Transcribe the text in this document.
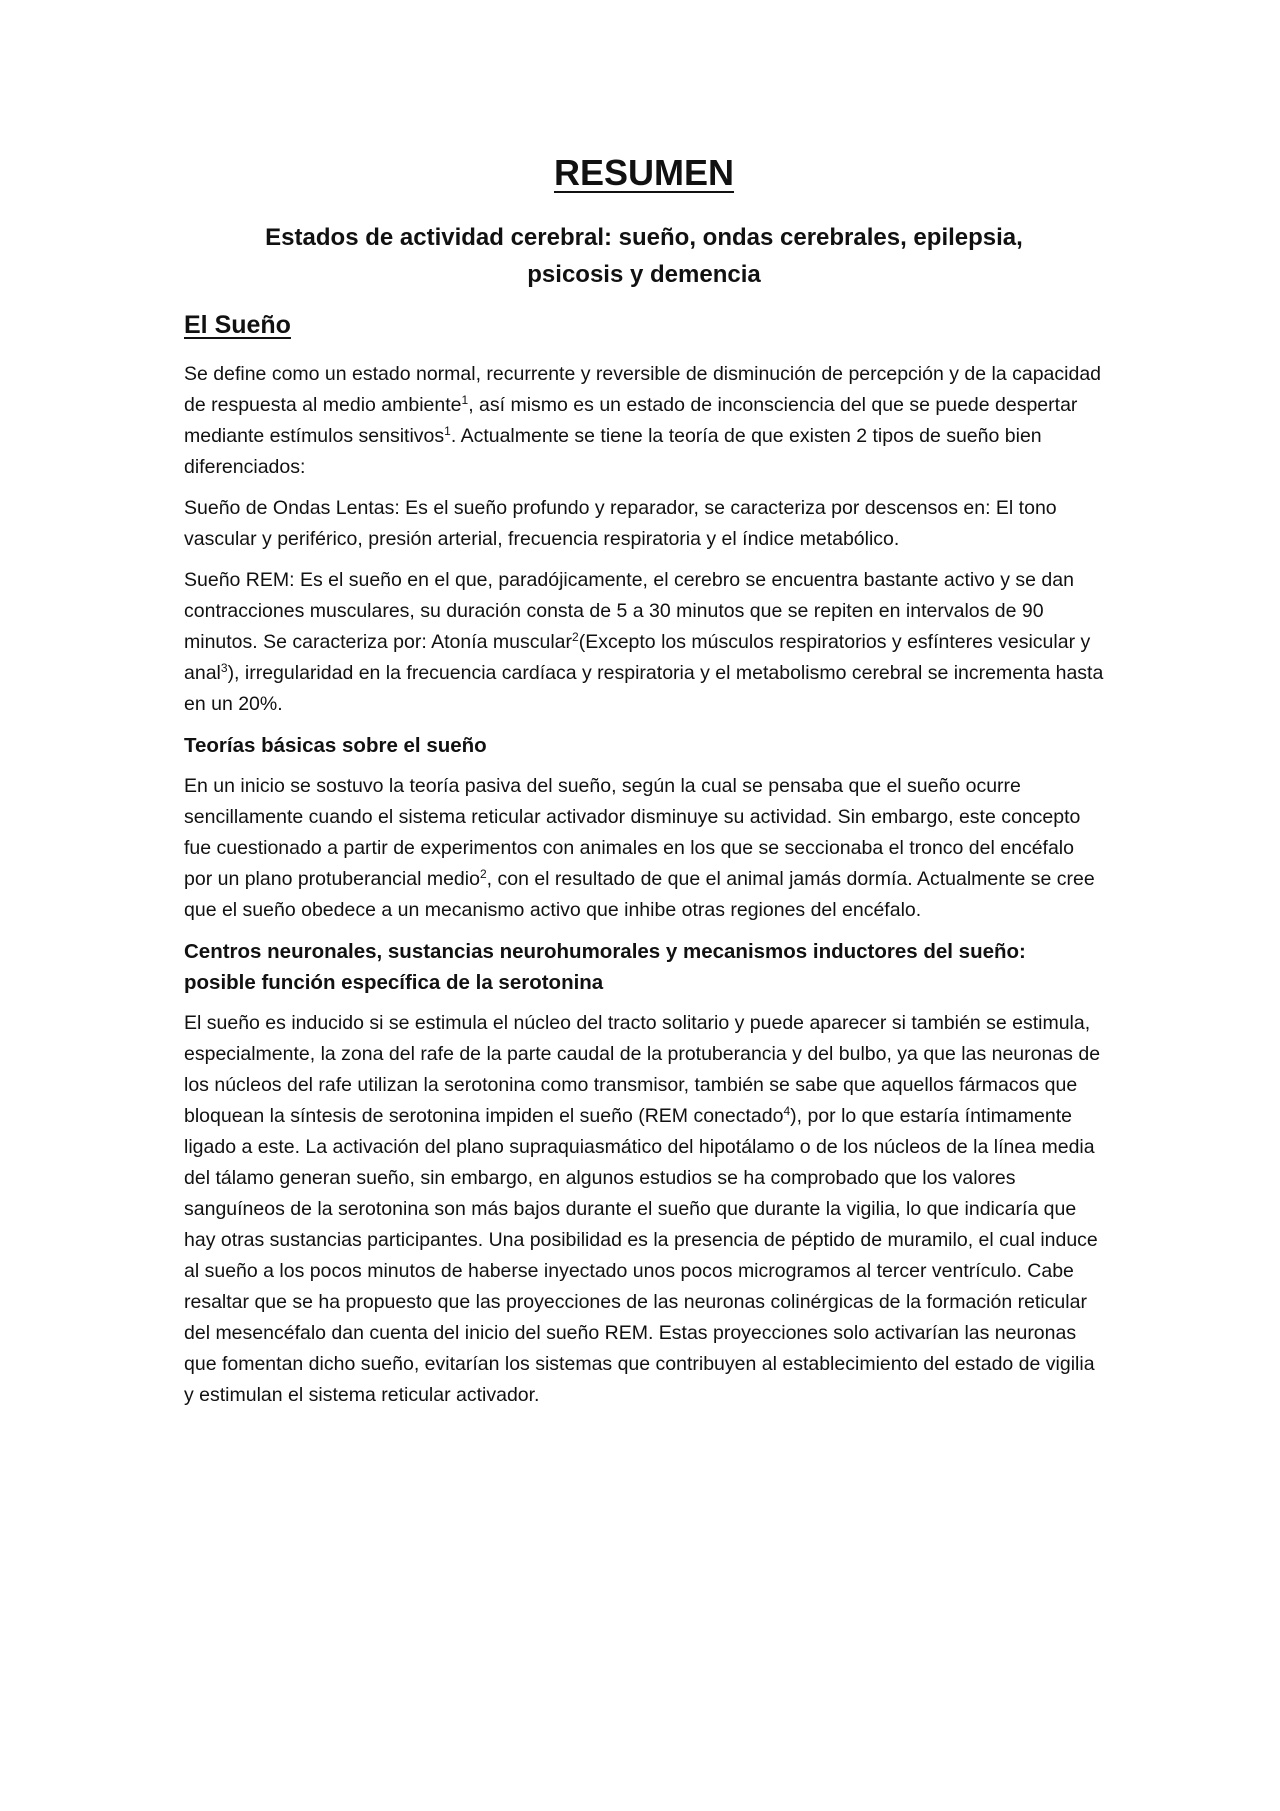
RESUMEN
Estados de actividad cerebral: sueño, ondas cerebrales, epilepsia,
psicosis y demencia
El Sueño

Se define como un estado normal, recurrente y reversible de disminución de percepción y de la capacidad de respuesta al medio ambiente$^1$, así mismo es un estado de inconsciencia del que se puede despertar mediante estímulos sensitivos$^1$. Actualmente se tiene la teoría de que existen 2 tipos de sueño bien diferenciados:

Sueño de Ondas Lentas: Es el sueño profundo y reparador, se caracteriza por descensos en: El tono vascular y periférico, presión arterial, frecuencia respiratoria y el índice metabólico.

Sueño REM: Es el sueño en el que, paradójicamente, el cerebro se encuentra bastante activo y se dan contracciones musculares, su duración consta de 5 a 30 minutos que se repiten en intervalos de 90 minutos. Se caracteriza por: Atonía muscular$^2$(Excepto los músculos respiratorios y esfínteres vesicular y anal$^3$), irregularidad en la frecuencia cardíaca y respiratoria y el metabolismo cerebral se incrementa hasta en un 20%.

Teorías básicas sobre el sueño

En un inicio se sostuvo la teoría pasiva del sueño, según la cual se pensaba que el sueño ocurre sencillamente cuando el sistema reticular activador disminuye su actividad. Sin embargo, este concepto fue cuestionado a partir de experimentos con animales en los que se seccionaba el tronco del encéfalo por un plano protuberancial medio$^2$, con el resultado de que el animal jamás dormía. Actualmente se cree que el sueño obedece a un mecanismo activo que inhibe otras regiones del encéfalo.

Centros neuronales, sustancias neurohumorales y mecanismos inductores del sueño:
posible función específica de la serotonina

El sueño es inducido si se estimula el núcleo del tracto solitario y puede aparecer si también se estimula, especialmente, la zona del rafe de la parte caudal de la protuberancia y del bulbo, ya que las neuronas de los núcleos del rafe utilizan la serotonina como transmisor, también se sabe que aquellos fármacos que bloquean la síntesis de serotonina impiden el sueño (REM conectado$^4$), por lo que estaría íntimamente ligado a este. La activación del plano supraquiasmático del hipotálamo o de los núcleos de la línea media del tálamo generan sueño, sin embargo, en algunos estudios se ha comprobado que los valores sanguíneos de la serotonina son más bajos durante el sueño que durante la vigilia, lo que indicaría que hay otras sustancias participantes. Una posibilidad es la presencia de péptido de muramilo, el cual induce al sueño a los pocos minutos de haberse inyectado unos pocos microgramos al tercer ventrículo. Cabe resaltar que se ha propuesto que las proyecciones de las neuronas colinérgicas de la formación reticular del mesencéfalo dan cuenta del inicio del sueño REM. Estas proyecciones solo activarían las neuronas que fomentan dicho sueño, evitarían los sistemas que contribuyen al establecimiento del estado de vigilia y estimulan el sistema reticular activador.
